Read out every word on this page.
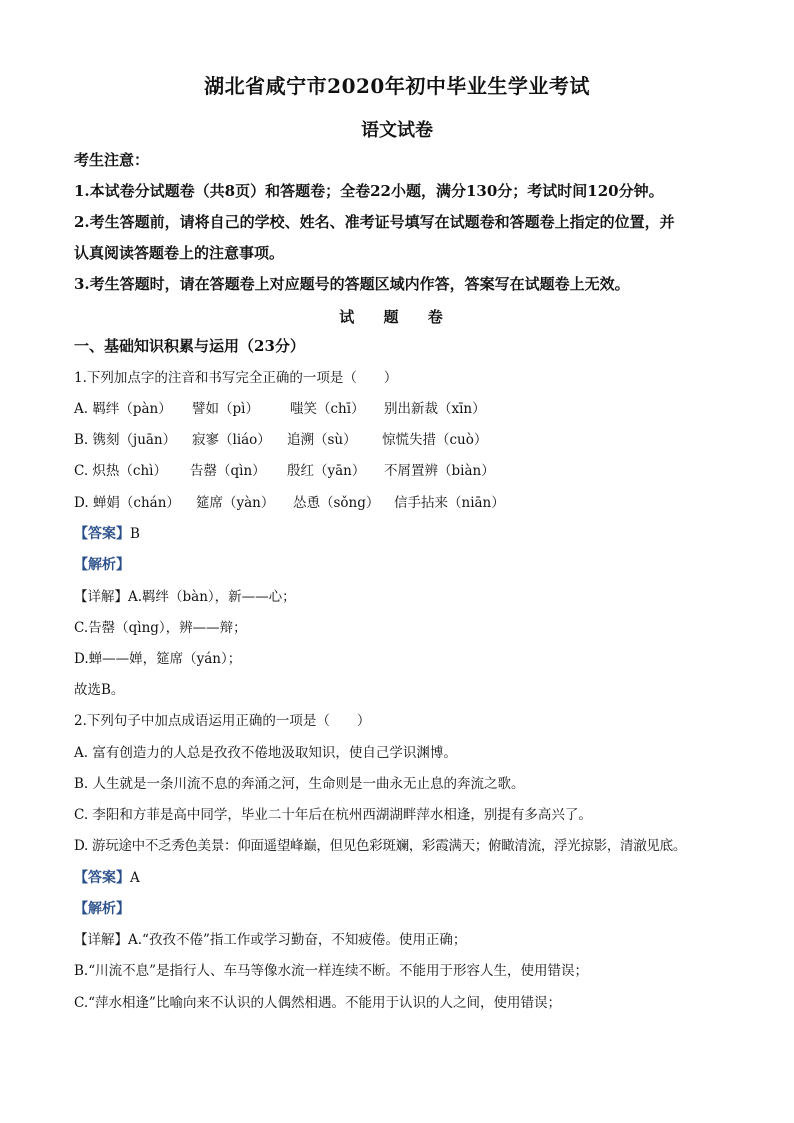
湖北省咸宁市2020年初中毕业生学业考试
语文试卷
考生注意：
1.本试卷分试题卷（共8页）和答题卷；全卷22小题，满分130分；考试时间120分钟。
2.考生答题前，请将自己的学校、姓名、准考证号填写在试题卷和答题卷上指定的位置，并
认真阅读答题卷上的注意事项。
3.考生答题时，请在答题卷上对应题号的答题区域内作答，答案写在试题卷上无效。
试 题 卷
一、基础知识积累与运用（23分）
1.下列加点字的注音和书写完全正确的一项是（　　）
A. 羁绊（pàn） 譬如（pì） 嗤笑（chī） 别出新裁（xīn）
B. 镌刻（juān） 寂寥（liáo） 追溯（sù） 惊慌失措（cuò）
C. 炽热（chì） 告罄（qìn） 殷红（yān） 不屑置辨（biàn）
D. 蝉娟（chán） 筵席（yàn） 怂恿（sǒng） 信手拈来（niān）
【答案】B
【解析】
【详解】A.羁绊（bàn），新——心；
C.告罄（qìng），辨——辩；
D.蝉——婵，筵席（yán）；
故选B。
2.下列句子中加点成语运用正确的一项是（　　）
A. 富有创造力的人总是孜孜不倦地汲取知识，使自己学识渊博。
B. 人生就是一条川流不息的奔涌之河，生命则是一曲永无止息的奔流之歌。
C. 李阳和方菲是高中同学，毕业二十年后在杭州西湖湖畔萍水相逢，别提有多高兴了。
D. 游玩途中不乏秀色美景：仰面遥望峰巅，但见色彩斑斓，彩霞满天；俯瞰清流，浮光掠影，清澈见底。
【答案】A
【解析】
【详解】A.“孜孜不倦”指工作或学习勤奋，不知疲倦。使用正确；
B.“川流不息”是指行人、车马等像水流一样连续不断。不能用于形容人生，使用错误；
C.“萍水相逢”比喻向来不认识的人偶然相遇。不能用于认识的人之间，使用错误；
